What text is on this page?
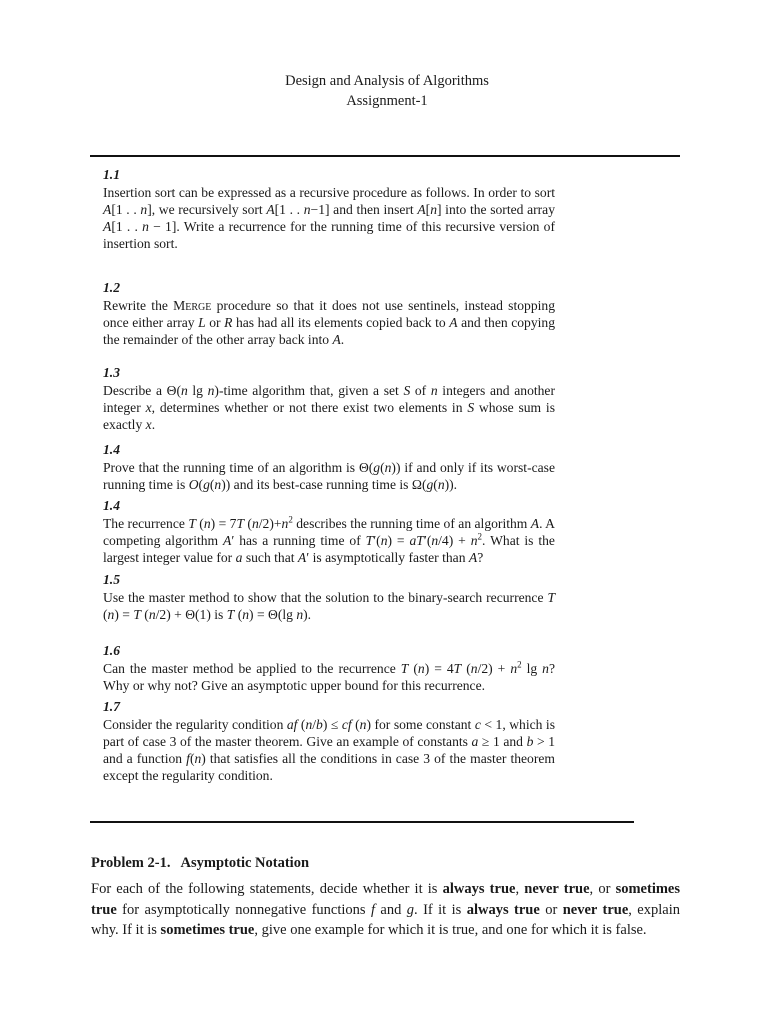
Design and Analysis of Algorithms
Assignment-1
1.1

Insertion sort can be expressed as a recursive procedure as follows. In order to sort A[1 . . n], we recursively sort A[1 . . n−1] and then insert A[n] into the sorted array A[1 . . n − 1]. Write a recurrence for the running time of this recursive version of insertion sort.

1.2

Rewrite the Merge procedure so that it does not use sentinels, instead stopping once either array L or R has had all its elements copied back to A and then copying the remainder of the other array back into A.

1.3

Describe a Θ(n lg n)-time algorithm that, given a set S of n integers and another integer x, determines whether or not there exist two elements in S whose sum is exactly x.

1.4

Prove that the running time of an algorithm is Θ(g(n)) if and only if its worst-case running time is O(g(n)) and its best-case running time is Ω(g(n)).

1.4

The recurrence T (n) = 7T $(n/2)+n^2$ describes the running time of an algorithm A. A competing algorithm A′ has a running time of $T'(n) = aT'(n/4) + n^2$. What is the largest integer value for a such that A′ is asymptotically faster than A?

1.5

Use the master method to show that the solution to the binary-search recurrence T (n) = T (n/2) + Θ(1) is T (n) = Θ(lg n).

1.6

Can the master method be applied to the recurrence T (n) = 4T $(n/2) + n^2$ lg n? Why or why not? Give an asymptotic upper bound for this recurrence.

1.7

Consider the regularity condition af (n/b) ≤ cf (n) for some constant c < 1, which is part of case 3 of the master theorem. Give an example of constants a ≥ 1 and b > 1 and a function f(n) that satisfies all the conditions in case 3 of the master theorem except the regularity condition.

Problem 2-1.   Asymptotic Notation

For each of the following statements, decide whether it is always true, never true, or sometimes true for asymptotically nonnegative functions f and g. If it is always true or never true, explain why. If it is sometimes true, give one example for which it is true, and one for which it is false.
